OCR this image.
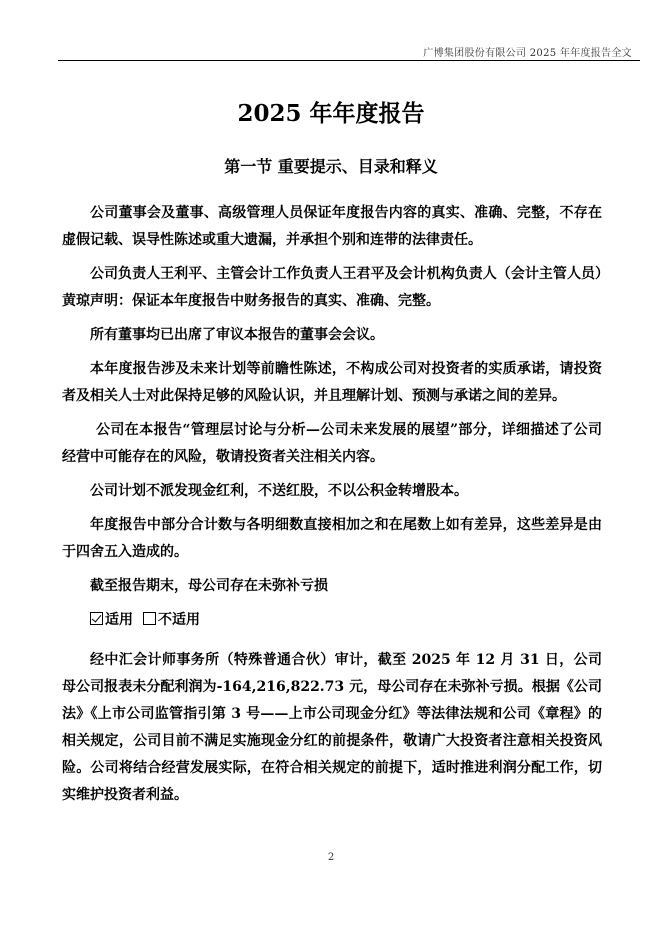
广博集团股份有限公司 2025 年年度报告全文
2025 年年度报告
第一节 重要提示、目录和释义

公司董事会及董事、高级管理人员保证年度报告内容的真实、准确、完整，不存在虚假记载、误导性陈述或重大遗漏，并承担个别和连带的法律责任。

公司负责人王利平、主管会计工作负责人王君平及会计机构负责人（会计主管人员）黄琼声明：保证本年度报告中财务报告的真实、准确、完整。

所有董事均已出席了审议本报告的董事会会议。

本年度报告涉及未来计划等前瞻性陈述，不构成公司对投资者的实质承诺，请投资者及相关人士对此保持足够的风险认识，并且理解计划、预测与承诺之间的差异。

公司在本报告“管理层讨论与分析—公司未来发展的展望”部分，详细描述了公司经营中可能存在的风险，敬请投资者关注相关内容。

公司计划不派发现金红利，不送红股，不以公积金转增股本。

年度报告中部分合计数与各明细数直接相加之和在尾数上如有差异，这些差异是由于四舍五入造成的。

截至报告期末，母公司存在未弥补亏损

适用 不适用

经中汇会计师事务所（特殊普通合伙）审计，截至 2025 年 12 月 31 日，公司母公司报表未分配利润为-164,216,822.73 元，母公司存在未弥补亏损。根据《公司法》《上市公司监管指引第 3 号——上市公司现金分红》等法律法规和公司《章程》的相关规定，公司目前不满足实施现金分红的前提条件，敬请广大投资者注意相关投资风险。公司将结合经营发展实际，在符合相关规定的前提下，适时推进利润分配工作，切实维护投资者利益。

2
